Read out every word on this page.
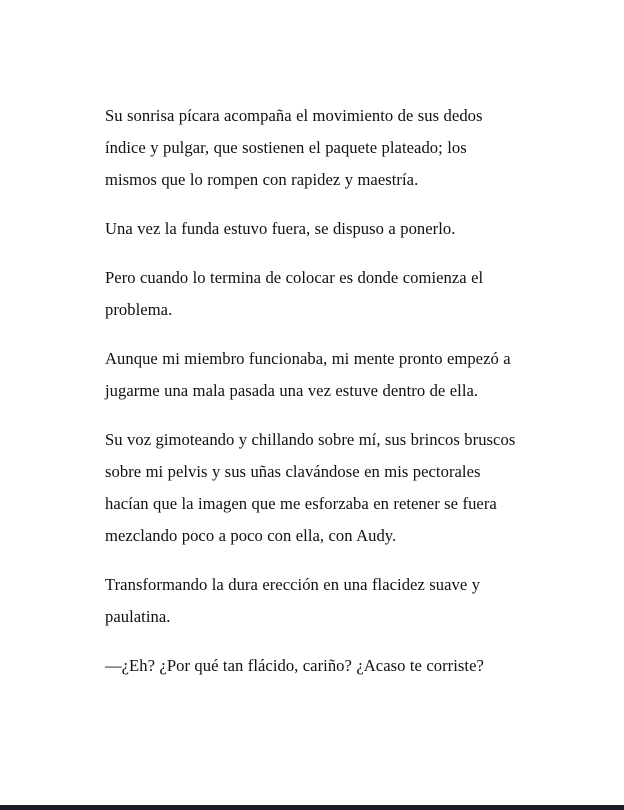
Su sonrisa pícara acompaña el movimiento de sus dedos índice y pulgar, que sostienen el paquete plateado; los mismos que lo rompen con rapidez y maestría.

Una vez la funda estuvo fuera, se dispuso a ponerlo.

Pero cuando lo termina de colocar es donde comienza el problema.

Aunque mi miembro funcionaba, mi mente pronto empezó a jugarme una mala pasada una vez estuve dentro de ella.

Su voz gimoteando y chillando sobre mí, sus brincos bruscos sobre mi pelvis y sus uñas clavándose en mis pectorales hacían que la imagen que me esforzaba en retener se fuera mezclando poco a poco con ella, con Audy.

Transformando la dura erección en una flacidez suave y paulatina.

—¿Eh? ¿Por qué tan flácido, cariño? ¿Acaso te corriste?
